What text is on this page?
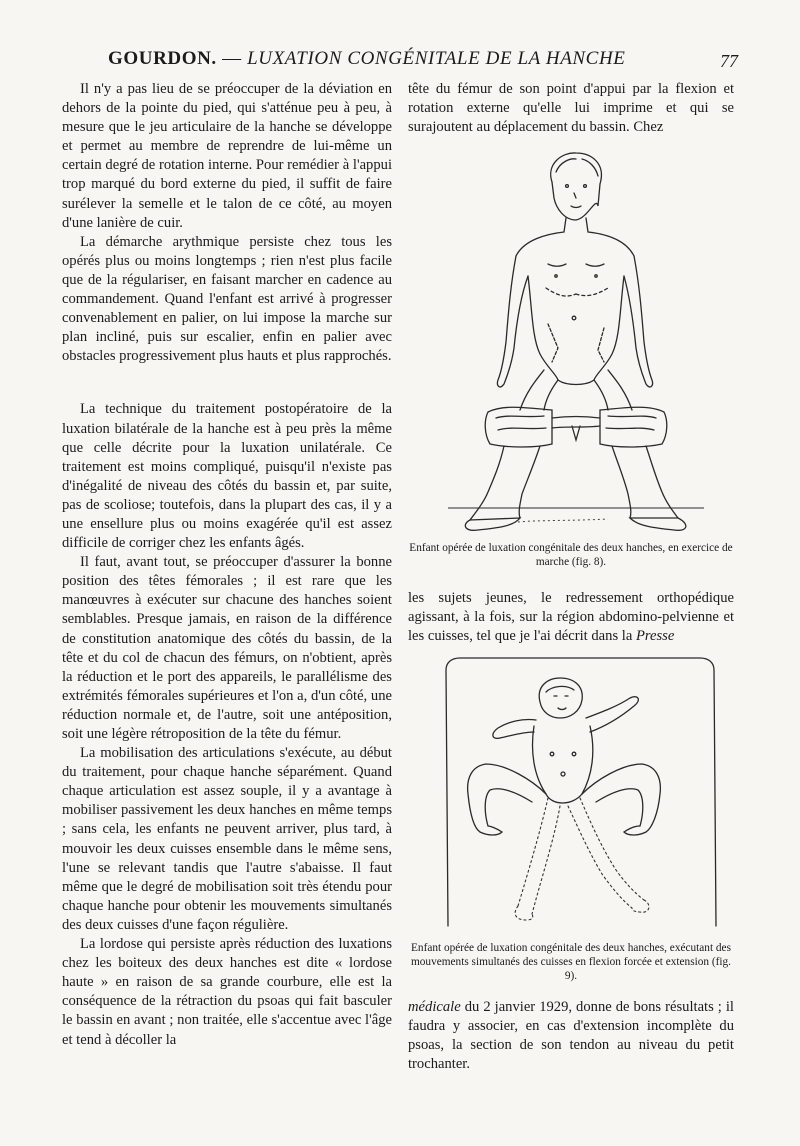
GOURDON. — LUXATION CONGÉNITALE DE LA HANCHE	77

Il n'y a pas lieu de se préoccuper de la déviation en dehors de la pointe du pied, qui s'atténue peu à peu, à mesure que le jeu articulaire de la hanche se développe et permet au membre de reprendre de lui-même un certain degré de rotation interne. Pour remédier à l'appui trop marqué du bord externe du pied, il suffit de faire surélever la semelle et le talon de ce côté, au moyen d'une lanière de cuir.

La démarche arythmique persiste chez tous les opérés plus ou moins longtemps ; rien n'est plus facile que de la régulariser, en faisant marcher en cadence au commandement. Quand l'enfant est arrivé à progresser convenablement en palier, on lui impose la marche sur plan incliné, puis sur escalier, enfin en palier avec obstacles progressivement plus hauts et plus rapprochés.

La technique du traitement postopératoire de la luxation bilatérale de la hanche est à peu près la même que celle décrite pour la luxation unilatérale. Ce traitement est moins compliqué, puisqu'il n'existe pas d'inégalité de niveau des côtés du bassin et, par suite, pas de scoliose; toutefois, dans la plupart des cas, il y a une ensellure plus ou moins exagérée qu'il est assez difficile de corriger chez les enfants âgés.

Il faut, avant tout, se préoccuper d'assurer la bonne position des têtes fémorales ; il est rare que les manœuvres à exécuter sur chacune des hanches soient semblables. Presque jamais, en raison de la différence de constitution anatomique des côtés du bassin, de la tête et du col de chacun des fémurs, on n'obtient, après la réduction et le port des appareils, le parallélisme des extrémités fémorales supérieures et l'on a, d'un côté, une réduction normale et, de l'autre, soit une antéposition, soit une légère rétroposition de la tête du fémur.

La mobilisation des articulations s'exécute, au début du traitement, pour chaque hanche séparément. Quand chaque articulation est assez souple, il y a avantage à mobiliser passivement les deux hanches en même temps ; sans cela, les enfants ne peuvent arriver, plus tard, à mouvoir les deux cuisses ensemble dans le même sens, l'une se relevant tandis que l'autre s'abaisse. Il faut même que le degré de mobilisation soit très étendu pour chaque hanche pour obtenir les mouvements simultanés des deux cuisses d'une façon régulière.

La lordose qui persiste après réduction des luxations chez les boiteux des deux hanches est dite « lordose haute » en raison de sa grande courbure, elle est la conséquence de la rétraction du psoas qui fait basculer le bassin en avant ; non traitée, elle s'accentue avec l'âge et tend à décoller la

tête du fémur de son point d'appui par la flexion et rotation externe qu'elle lui imprime et qui se surajoutent au déplacement du bassin. Chez

Enfant opérée de luxation congénitale des deux hanches, en exercice de marche (fig. 8).

les sujets jeunes, le redressement orthopédique agissant, à la fois, sur la région abdomino-pelvienne et les cuisses, tel que je l'ai décrit dans la Presse

Enfant opérée de luxation congénitale des deux hanches, exécutant des mouvements simultanés des cuisses en flexion forcée et extension (fig. 9).

médicale du 2 janvier 1929, donne de bons résultats ; il faudra y associer, en cas d'extension incomplète du psoas, la section de son tendon au niveau du petit trochanter.
